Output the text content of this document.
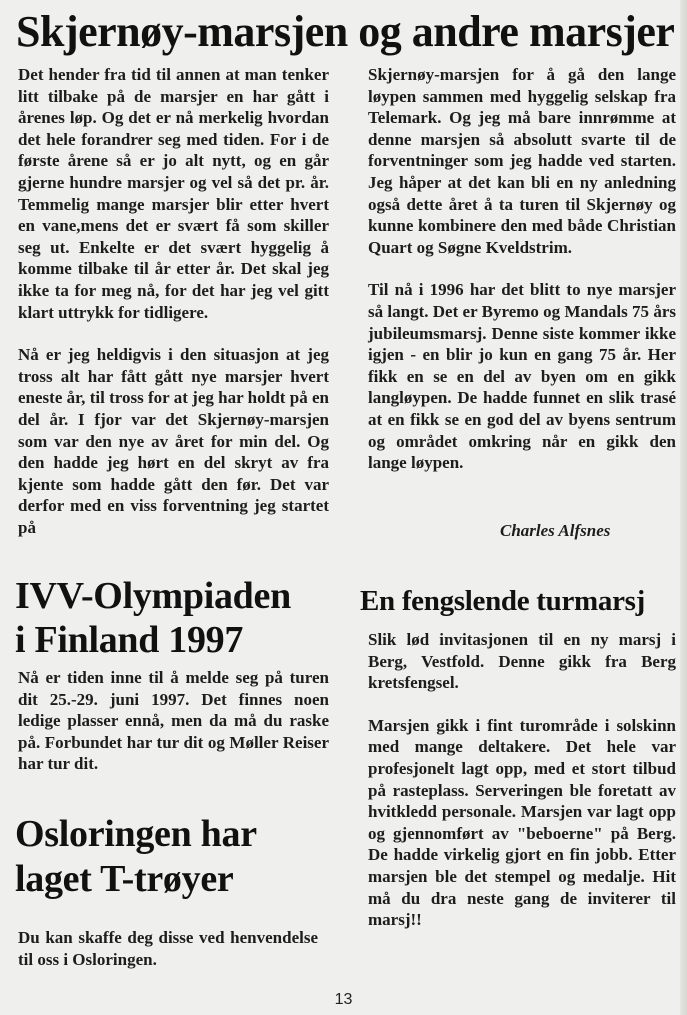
Skjernøy-marsjen og andre marsjer

Det hender fra tid til annen at man tenker litt tilbake på de marsjer en har gått i årenes løp. Og det er nå merkelig hvordan det hele forandrer seg med tiden. For i de første årene så er jo alt nytt, og en går gjerne hundre marsjer og vel så det pr. år. Temmelig mange marsjer blir etter hvert en vane,mens det er svært få som skiller seg ut. Enkelte er det svært hyggelig å komme tilbake til år etter år. Det skal jeg ikke ta for meg nå, for det har jeg vel gitt klart uttrykk for tidligere.

Nå er jeg heldigvis i den situasjon at jeg tross alt har fått gått nye marsjer hvert eneste år, til tross for at jeg har holdt på en del år. I fjor var det Skjernøy-marsjen som var den nye av året for min del. Og den hadde jeg hørt en del skryt av fra kjente som hadde gått den før. Det var derfor med en viss forventning jeg startet på

Skjernøy-marsjen for å gå den lange løypen sammen med hyggelig selskap fra Telemark. Og jeg må bare innrømme at denne marsjen så absolutt svarte til de forventninger som jeg hadde ved starten. Jeg håper at det kan bli en ny anledning også dette året å ta turen til Skjernøy og kunne kombinere den med både Christian Quart og Søgne Kveldstrim.

Til nå i 1996 har det blitt to nye marsjer så langt. Det er Byremo og Mandals 75 års jubileumsmarsj. Denne siste kommer ikke igjen - en blir jo kun en gang 75 år. Her fikk en se en del av byen om en gikk langløypen. De hadde funnet en slik trasé at en fikk se en god del av byens sentrum og området omkring når en gikk den lange løypen.

Charles Alfsnes

IVV-Olympiaden
i Finland 1997

Nå er tiden inne til å melde seg på turen dit 25.-29. juni 1997. Det finnes noen ledige plasser ennå, men da må du raske på. Forbundet har tur dit og Møller Reiser har tur dit.

Osloringen har
laget T-trøyer

Du kan skaffe deg disse ved henvendelse til oss i Osloringen.

En fengslende turmarsj

Slik lød invitasjonen til en ny marsj i Berg, Vestfold. Denne gikk fra Berg kretsfengsel.

Marsjen gikk i fint turområde i solskinn med mange deltakere. Det hele var profesjonelt lagt opp, med et stort tilbud på rasteplass. Serveringen ble foretatt av hvitkledd personale. Marsjen var lagt opp og gjennomført av "beboerne" på Berg. De hadde virkelig gjort en fin jobb. Etter marsjen ble det stempel og medalje. Hit må du dra neste gang de inviterer til marsj!!

13
